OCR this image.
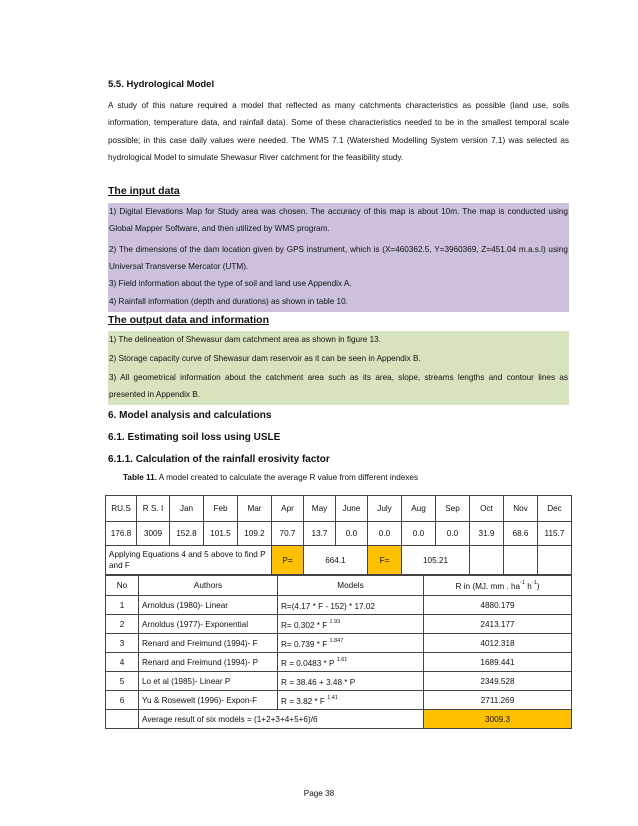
5.5. Hydrological Model
A study of this nature required a model that reflected as many catchments characteristics as possible (land use, soils information, temperature data, and rainfall data). Some of these characteristics needed to be in the smallest temporal scale possible; in this case daily values were needed. The WMS 7.1 (Watershed Modelling System version 7.1) was selected as hydrological Model to simulate Shewasur River catchment for the feasibility study.
The input data
1) Digital Elevations Map for Study area was chosen. The accuracy of this map is about 10m. The map is conducted using Global Mapper Software, and then utilized by WMS program.
2) The dimensions of the dam location given by GPS instrument, which is (X=460362.5, Y=3960369, Z=451.04 m.a.s.l) using Universal Transverse Mercator (UTM).
3) Field information about the type of soil and land use Appendix A.
4) Rainfall information (depth and durations) as shown in table 10.
The output data and information
1) The delineation of Shewasur dam catchment area as shown in figure 13.
2) Storage capacity curve of Shewasur dam reservoir as it can be seen in Appendix B.
3) All geometrical information about the catchment area such as its area, slope, streams lengths and contour lines as presented in Appendix B.
6. Model analysis and calculations
6.1. Estimating soil loss using USLE
6.1.1. Calculation of the rainfall erosivity factor
Table 11. A model created to calculate the average R value from different indexes
RU.S	R S. I	Jan	Feb	Mar	Apr	May	June	July	Aug	Sep	Oct	Nov	Dec
176.8	3009	152.8	101.5	109.2	70.7	13.7	0.0	0.0	0.0	0.0	31.9	68.6	115.7
Applying Equations 4 and 5 above to find P and F					P=	664.1		F=	105.21				
No	Authors	Models	R in (MJ. mm . $ha^{-1}$ $h^{-1}$)
1	Arnoldus (1980)- Linear	R=(4.17 * F - 152) * 17.02	4880.179
2	Arnoldus (1977)- Exponential	R= 0.302 * F $^{1.93}$	2413.177
3	Renard and Freimund (1994)- F	R= 0.739 * F $^{1.847}$	4012.318
4	Renard and Freimund (1994)- P	R = 0.0483 * P $^{1.61}$	1689.441
5	Lo et al (1985)- Linear P	R = 38.46 + 3.48 * P	2349.528
6	Yu & Rosewelt (1996)- Expon-F	R = 3.82 * F $^{1.41}$	2711.269
	Average result of six models = (1+2+3+4+5+6)/6		3009.3
Page 38
